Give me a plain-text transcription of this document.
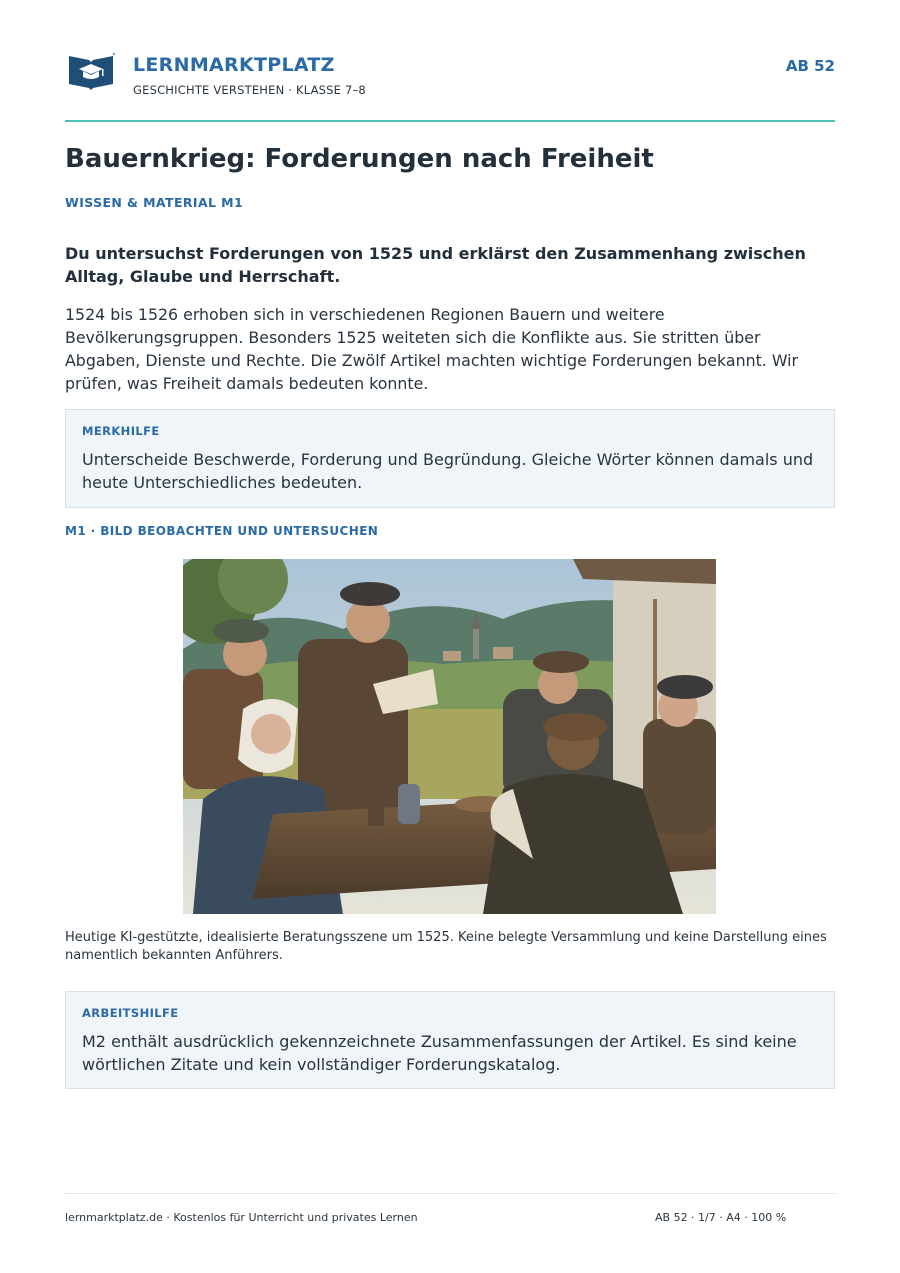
LERNMARKTPLATZ
GESCHICHTE VERSTEHEN · KLASSE 7–8
AB 52
Bauernkrieg: Forderungen nach Freiheit
WISSEN & MATERIAL M1

Du untersuchst Forderungen von 1525 und erklärst den Zusammenhang zwischen Alltag, Glaube und Herrschaft.

1524 bis 1526 erhoben sich in verschiedenen Regionen Bauern und weitere Bevölkerungsgruppen. Besonders 1525 weiteten sich die Konflikte aus. Sie stritten über Abgaben, Dienste und Rechte. Die Zwölf Artikel machten wichtige Forderungen bekannt. Wir prüfen, was Freiheit damals bedeuten konnte.

MERKHILFE
Unterscheide Beschwerde, Forderung und Begründung. Gleiche Wörter können damals und heute Unterschiedliches bedeuten.
M1 · BILD BEOBACHTEN UND UNTERSUCHEN
Heutige KI-gestützte, idealisierte Beratungsszene um 1525. Keine belegte Versammlung und keine Darstellung eines namentlich bekannten Anführers.
ARBEITSHILFE
M2 enthält ausdrücklich gekennzeichnete Zusammenfassungen der Artikel. Es sind keine wörtlichen Zitate und kein vollständiger Forderungskatalog.
lernmarktplatz.de · Kostenlos für Unterricht und privates Lernen	AB 52 · 1/7 · A4 · 100 %
